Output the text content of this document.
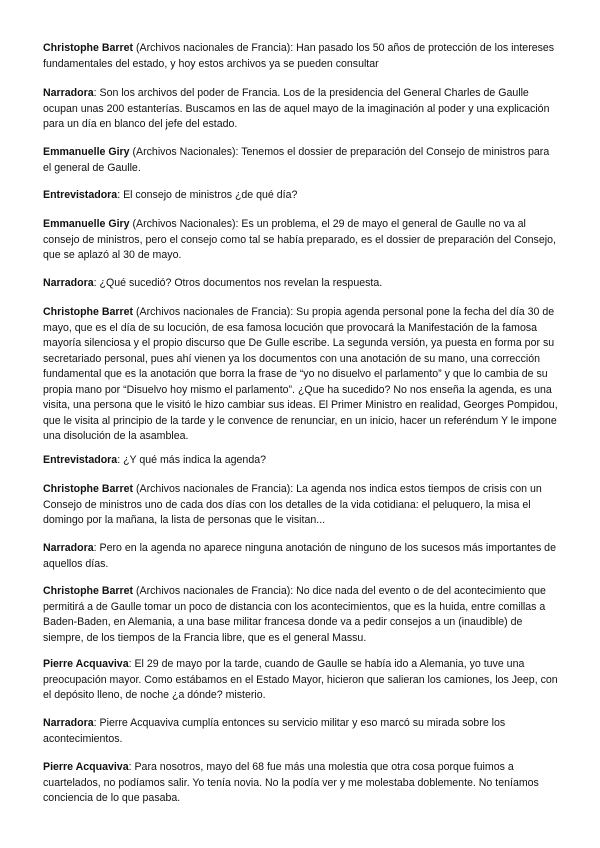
Christophe Barret (Archivos nacionales de Francia): Han pasado los 50 años de protección de los intereses fundamentales del estado, y hoy estos archivos ya se pueden consultar

Narradora: Son los archivos del poder de Francia. Los de la presidencia del General Charles de Gaulle ocupan unas 200 estanterías. Buscamos en las de aquel mayo de la imaginación al poder y una explicación para un día en blanco del jefe del estado.

Emmanuelle Giry (Archivos Nacionales): Tenemos el dossier de preparación del Consejo de ministros para el general de Gaulle.

Entrevistadora: El consejo de ministros ¿de qué día?

Emmanuelle Giry (Archivos Nacionales): Es un problema, el 29 de mayo el general de Gaulle no va al consejo de ministros, pero el consejo como tal se había preparado, es el dossier de preparación del Consejo, que se aplazó al 30 de mayo.

Narradora: ¿Qué sucedió? Otros documentos nos revelan la respuesta.

Christophe Barret (Archivos nacionales de Francia): Su propia agenda personal pone la fecha del día 30 de mayo, que es el día de su locución, de esa famosa locución que provocará la Manifestación de la famosa mayoría silenciosa y el propio discurso que De Gulle escribe. La segunda versión, ya puesta en forma por su secretariado personal, pues ahí vienen ya los documentos con una anotación de su mano, una corrección fundamental que es la anotación que borra la frase de “yo no disuelvo el parlamento” y que lo cambia de su propia mano por “Disuelvo hoy mismo el parlamento”. ¿Que ha sucedido? No nos enseña la agenda, es una visita, una persona que le visitó le hizo cambiar sus ideas. El Primer Ministro en realidad, Georges Pompidou, que le visita al principio de la tarde y le convence de renunciar, en un inicio, hacer un referéndum Y le impone una disolución de la asamblea.

Entrevistadora: ¿Y qué más indica la agenda?

Christophe Barret (Archivos nacionales de Francia): La agenda nos indica estos tiempos de crisis con un Consejo de ministros uno de cada dos días con los detalles de la vida cotidiana: el peluquero, la misa el domingo por la mañana, la lista de personas que le visitan...

Narradora: Pero en la agenda no aparece ninguna anotación de ninguno de los sucesos más importantes de aquellos días.

Christophe Barret (Archivos nacionales de Francia): No dice nada del evento o de del acontecimiento que permitirá a de Gaulle tomar un poco de distancia con los acontecimientos, que es la huida, entre comillas a Baden-Baden, en Alemania, a una base militar francesa donde va a pedir consejos a un (inaudible) de siempre, de los tiempos de la Francia libre, que es el general Massu.

Pierre Acquaviva: El 29 de mayo por la tarde, cuando de Gaulle se había ido a Alemania, yo tuve una preocupación mayor. Como estábamos en el Estado Mayor, hicieron que salieran los camiones, los Jeep, con el depósito lleno, de noche ¿a dónde? misterio.

Narradora: Pierre Acquaviva cumplía entonces su servicio militar y eso marcó su mirada sobre los acontecimientos.

Pierre Acquaviva: Para nosotros, mayo del 68 fue más una molestia que otra cosa porque fuimos a cuartelados, no podíamos salir. Yo tenía novia. No la podía ver y me molestaba doblemente. No teníamos conciencia de lo que pasaba.
